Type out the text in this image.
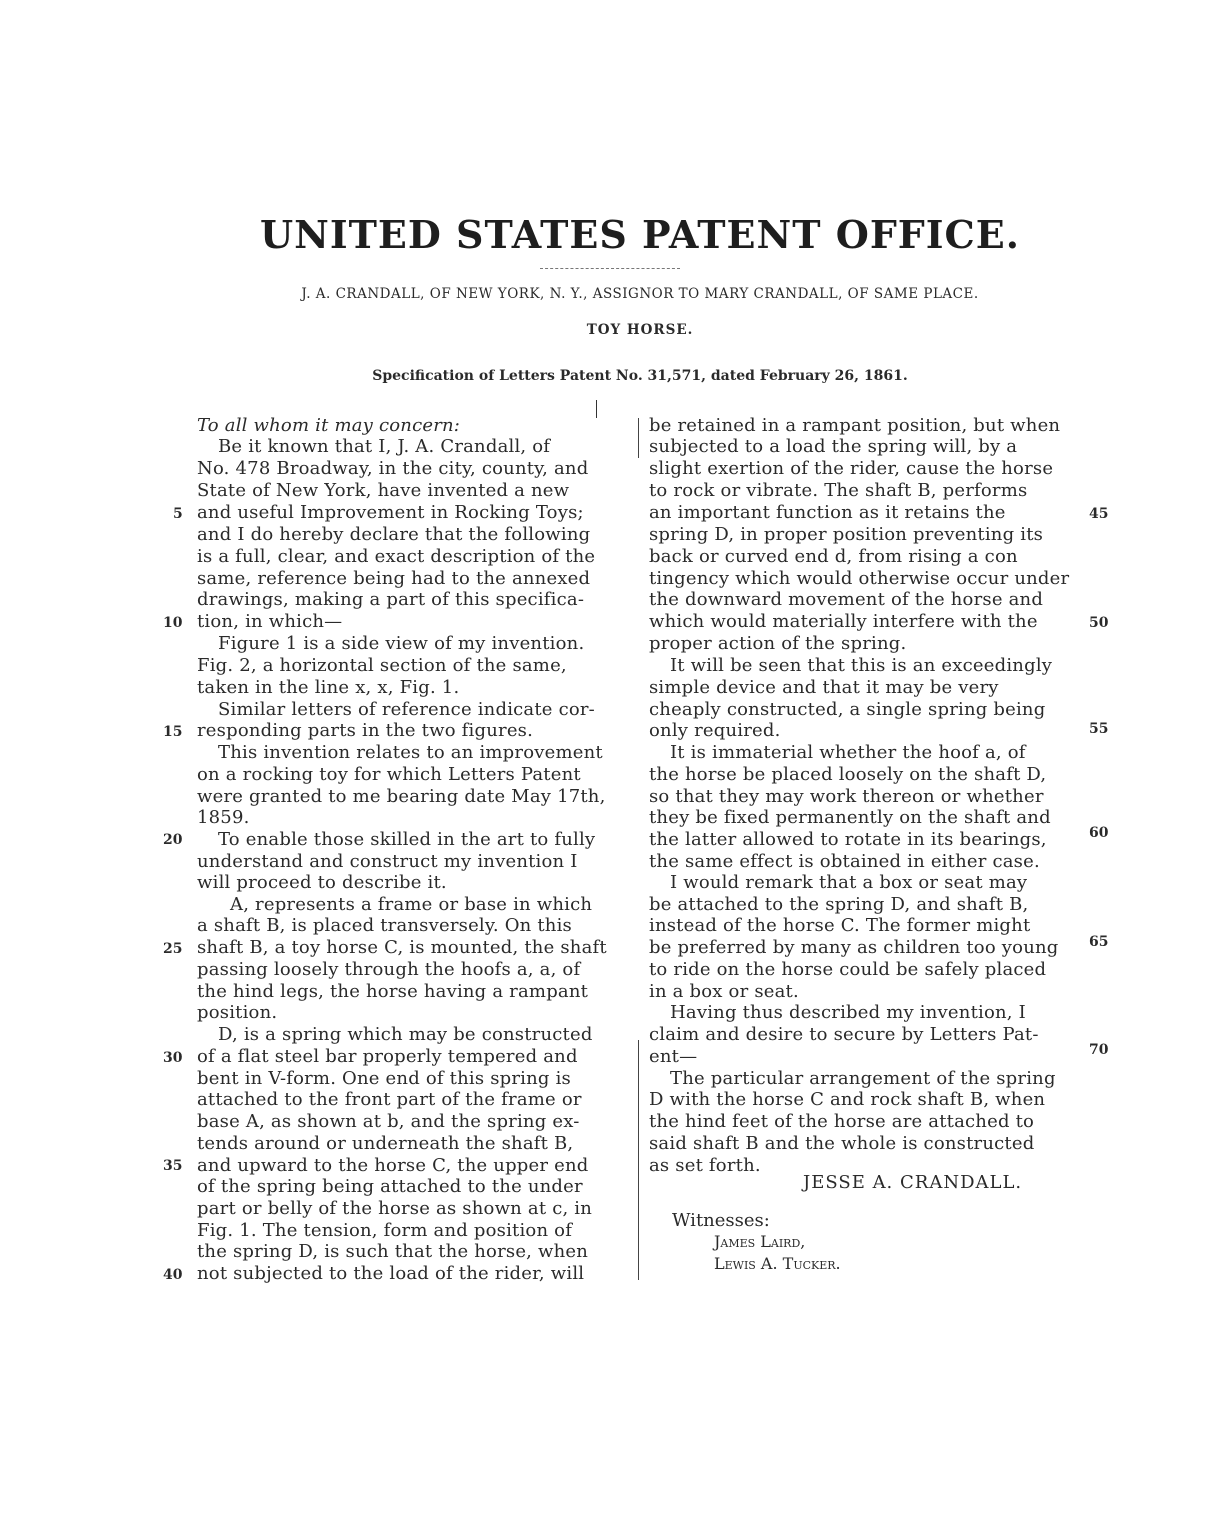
UNITED STATES PATENT OFFICE.
J. A. CRANDALL, OF NEW YORK, N. Y., ASSIGNOR TO MARY CRANDALL, OF SAME PLACE.
TOY HORSE.
Specification of Letters Patent No. 31,571, dated February 26, 1861.
To all whom it may concern:
Be it known that I, J. A. Crandall, of
No. 478 Broadway, in the city, county, and
State of New York, have invented a new
and useful Improvement in Rocking Toys;
and I do hereby declare that the following
is a full, clear, and exact description of the
same, reference being had to the annexed
drawings, making a part of this specifica-
tion, in which—
Figure 1 is a side view of my invention.
Fig. 2, a horizontal section of the same,
taken in the line x, x, Fig. 1.
Similar letters of reference indicate cor-
responding parts in the two figures.
This invention relates to an improvement
on a rocking toy for which Letters Patent
were granted to me bearing date May 17th,
1859.
To enable those skilled in the art to fully
understand and construct my invention I
will proceed to describe it.
A, represents a frame or base in which
a shaft B, is placed transversely. On this
shaft B, a toy horse C, is mounted, the shaft
passing loosely through the hoofs a, a, of
the hind legs, the horse having a rampant
position.
D, is a spring which may be constructed
of a flat steel bar properly tempered and
bent in V-form. One end of this spring is
attached to the front part of the frame or
base A, as shown at b, and the spring ex-
tends around or underneath the shaft B,
and upward to the horse C, the upper end
of the spring being attached to the under
part or belly of the horse as shown at c, in
Fig. 1. The tension, form and position of
the spring D, is such that the horse, when
not subjected to the load of the rider, will
5
10
15
20
25
30
35
40
be retained in a rampant position, but when
subjected to a load the spring will, by a
slight exertion of the rider, cause the horse
to rock or vibrate. The shaft B, performs
an important function as it retains the
spring D, in proper position preventing its
back or curved end d, from rising a con
tingency which would otherwise occur under
the downward movement of the horse and
which would materially interfere with the
proper action of the spring.
It will be seen that this is an exceedingly
simple device and that it may be very
cheaply constructed, a single spring being
only required.
It is immaterial whether the hoof a, of
the horse be placed loosely on the shaft D,
so that they may work thereon or whether
they be fixed permanently on the shaft and
the latter allowed to rotate in its bearings,
the same effect is obtained in either case.
I would remark that a box or seat may
be attached to the spring D, and shaft B,
instead of the horse C. The former might
be preferred by many as children too young
to ride on the horse could be safely placed
in a box or seat.
Having thus described my invention, I
claim and desire to secure by Letters Pat-
ent—
The particular arrangement of the spring
D with the horse C and rock shaft B, when
the hind feet of the horse are attached to
said shaft B and the whole is constructed
as set forth.
45
50
55
60
65
70
JESSE A. CRANDALL.
Witnesses:
James Laird,
Lewis A. Tucker.
